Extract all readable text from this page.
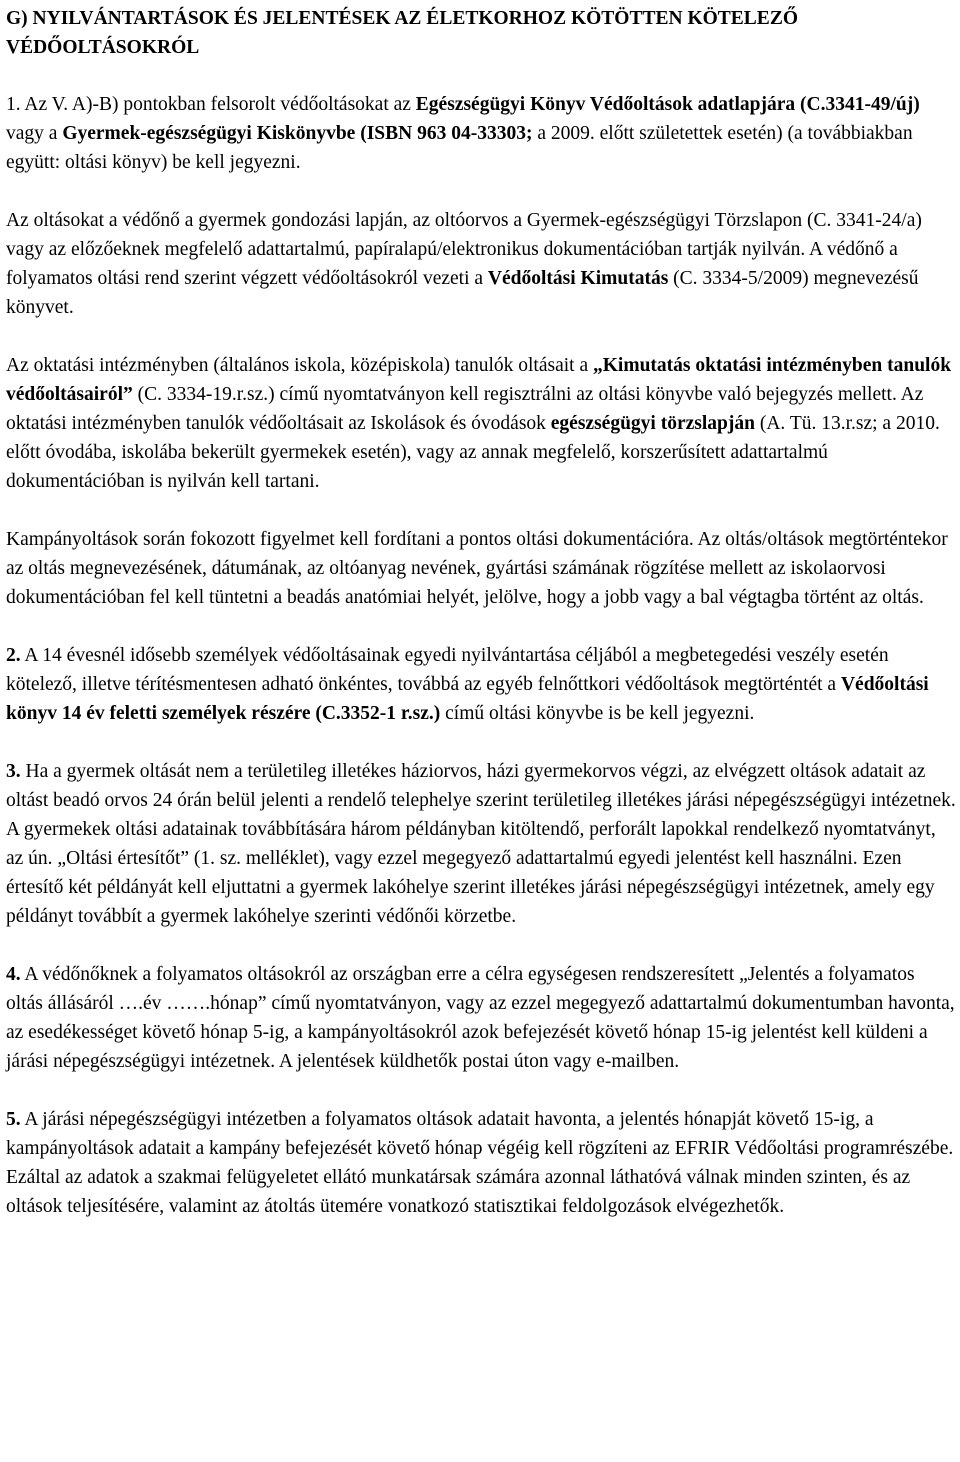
G) NYILVÁNTARTÁSOK ÉS JELENTÉSEK AZ ÉLETKORHOZ KÖTÖTTEN KÖTELEZŐ VÉDŐOLTÁSOKRÓL

1. Az V. A)-B) pontokban felsorolt védőoltásokat az Egészségügyi Könyv Védőoltások adatlapjára (C.3341-49/új) vagy a Gyermek-egészségügyi Kiskönyvbe (ISBN 963 04-33303; a 2009. előtt születettek esetén) (a továbbiakban együtt: oltási könyv) be kell jegyezni.

Az oltásokat a védőnő a gyermek gondozási lapján, az oltóorvos a Gyermek-egészségügyi Törzslapon (C. 3341-24/a) vagy az előzőeknek megfelelő adattartalmú, papíralapú/elektronikus dokumentációban tartják nyilván. A védőnő a folyamatos oltási rend szerint végzett védőoltásokról vezeti a Védőoltási Kimutatás (C. 3334-5/2009) megnevezésű könyvet.

Az oktatási intézményben (általános iskola, középiskola) tanulók oltásait a „Kimutatás oktatási intézményben tanulók védőoltásairól” (C. 3334-19.r.sz.) című nyomtatványon kell regisztrálni az oltási könyvbe való bejegyzés mellett. Az oktatási intézményben tanulók védőoltásait az Iskolások és óvodások egészségügyi törzslapján (A. Tü. 13.r.sz; a 2010. előtt óvodába, iskolába bekerült gyermekek esetén), vagy az annak megfelelő, korszerűsített adattartalmú dokumentációban is nyilván kell tartani.

Kampányoltások során fokozott figyelmet kell fordítani a pontos oltási dokumentációra. Az oltás/oltások megtörténtekor az oltás megnevezésének, dátumának, az oltóanyag nevének, gyártási számának rögzítése mellett az iskolaorvosi dokumentációban fel kell tüntetni a beadás anatómiai helyét, jelölve, hogy a jobb vagy a bal végtagba történt az oltás.

2. A 14 évesnél idősebb személyek védőoltásainak egyedi nyilvántartása céljából a megbetegedési veszély esetén kötelező, illetve térítésmentesen adható önkéntes, továbbá az egyéb felnőttkori védőoltások megtörténtét a Védőoltási könyv 14 év feletti személyek részére (C.3352-1 r.sz.) című oltási könyvbe is be kell jegyezni.

3. Ha a gyermek oltását nem a területileg illetékes háziorvos, házi gyermekorvos végzi, az elvégzett oltások adatait az oltást beadó orvos 24 órán belül jelenti a rendelő telephelye szerint területileg illetékes járási népegészségügyi intézetnek. A gyermekek oltási adatainak továbbítására három példányban kitöltendő, perforált lapokkal rendelkező nyomtatványt, az ún. „Oltási értesítőt” (1. sz. melléklet), vagy ezzel megegyező adattartalmú egyedi jelentést kell használni. Ezen értesítő két példányát kell eljuttatni a gyermek lakóhelye szerint illetékes járási népegészségügyi intézetnek, amely egy példányt továbbít a gyermek lakóhelye szerinti védőnői körzetbe.

4. A védőnőknek a folyamatos oltásokról az országban erre a célra egységesen rendszeresített „Jelentés a folyamatos oltás állásáról ….év …….hónap” című nyomtatványon, vagy az ezzel megegyező adattartalmú dokumentumban havonta, az esedékességet követő hónap 5-ig, a kampányoltásokról azok befejezését követő hónap 15-ig jelentést kell küldeni a járási népegészségügyi intézetnek. A jelentések küldhetők postai úton vagy e-mailben.

5. A járási népegészségügyi intézetben a folyamatos oltások adatait havonta, a jelentés hónapját követő 15-ig, a kampányoltások adatait a kampány befejezését követő hónap végéig kell rögzíteni az EFRIR Védőoltási programrészébe. Ezáltal az adatok a szakmai felügyeletet ellátó munkatársak számára azonnal láthatóvá válnak minden szinten, és az oltások teljesítésére, valamint az átoltás ütemére vonatkozó statisztikai feldolgozások elvégezhetők.
